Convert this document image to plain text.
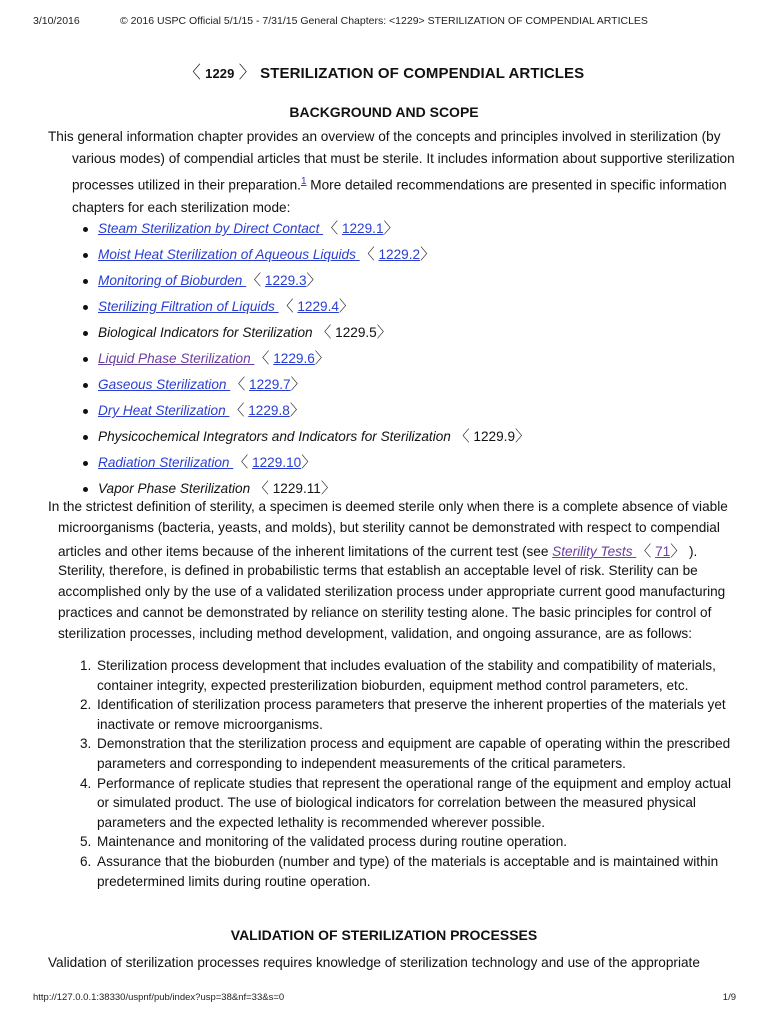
3/10/2016	© 2016 USPC Official 5/1/15 - 7/31/15 General Chapters: <1229> STERILIZATION OF COMPENDIAL ARTICLES
〈 1229 〉 STERILIZATION OF COMPENDIAL ARTICLES
BACKGROUND AND SCOPE
This general information chapter provides an overview of the concepts and principles involved in sterilization (by
various modes) of compendial articles that must be sterile. It includes information about supportive sterilization
processes utilized in their preparation.$^1$ More detailed recommendations are presented in specific information
chapters for each sterilization mode:
Steam Sterilization by Direct Contact 〈 1229.1〉
Moist Heat Sterilization of Aqueous Liquids 〈 1229.2〉
Monitoring of Bioburden 〈 1229.3〉
Sterilizing Filtration of Liquids 〈 1229.4〉
Biological Indicators for Sterilization 〈 1229.5〉
Liquid Phase Sterilization 〈 1229.6〉
Gaseous Sterilization 〈 1229.7〉
Dry Heat Sterilization 〈 1229.8〉
Physicochemical Integrators and Indicators for Sterilization 〈 1229.9〉
Radiation Sterilization 〈 1229.10〉
Vapor Phase Sterilization 〈 1229.11〉
In the strictest definition of sterility, a specimen is deemed sterile only when there is a complete absence of viable
microorganisms (bacteria, yeasts, and molds), but sterility cannot be demonstrated with respect to compendial
articles and other items because of the inherent limitations of the current test (see Sterility Tests 〈 71〉 ).
Sterility, therefore, is defined in probabilistic terms that establish an acceptable level of risk. Sterility can be
accomplished only by the use of a validated sterilization process under appropriate current good manufacturing
practices and cannot be demonstrated by reliance on sterility testing alone. The basic principles for control of
sterilization processes, including method development, validation, and ongoing assurance, are as follows:
1. Sterilization process development that includes evaluation of the stability and compatibility of materials,
container integrity, expected presterilization bioburden, equipment method control parameters, etc.
2. Identification of sterilization process parameters that preserve the inherent properties of the materials yet
inactivate or remove microorganisms.
3. Demonstration that the sterilization process and equipment are capable of operating within the prescribed
parameters and corresponding to independent measurements of the critical parameters.
4. Performance of replicate studies that represent the operational range of the equipment and employ actual
or simulated product. The use of biological indicators for correlation between the measured physical
parameters and the expected lethality is recommended wherever possible.
5. Maintenance and monitoring of the validated process during routine operation.
6. Assurance that the bioburden (number and type) of the materials is acceptable and is maintained within
predetermined limits during routine operation.
VALIDATION OF STERILIZATION PROCESSES
Validation of sterilization processes requires knowledge of sterilization technology and use of the appropriate
http://127.0.0.1:38330/uspnf/pub/index?usp=38&nf=33&s=0	1/9
